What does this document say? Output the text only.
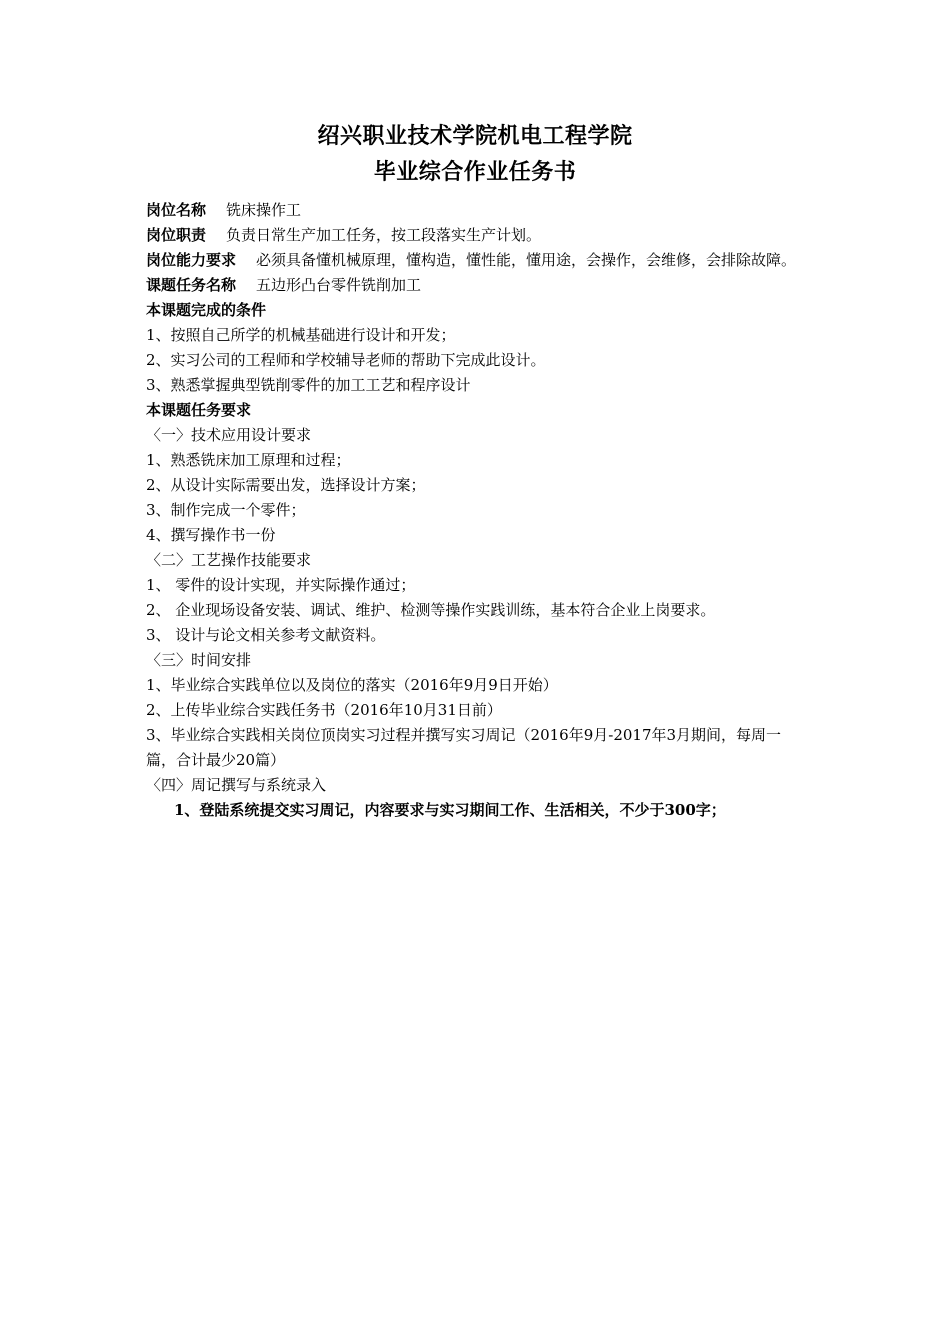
绍兴职业技术学院机电工程学院
毕业综合作业任务书

岗位名称 铣床操作工

岗位职责 负责日常生产加工任务，按工段落实生产计划。

岗位能力要求 必须具备懂机械原理，懂构造，懂性能，懂用途，会操作，会维修，会排除故障。

课题任务名称 五边形凸台零件铣削加工

本课题完成的条件

1、按照自己所学的机械基础进行设计和开发；

2、实习公司的工程师和学校辅导老师的帮助下完成此设计。

3、熟悉掌握典型铣削零件的加工工艺和程序设计

本课题任务要求

〈一〉技术应用设计要求

1、熟悉铣床加工原理和过程；

2、从设计实际需要出发，选择设计方案；

3、制作完成一个零件；

4、撰写操作书一份

〈二〉工艺操作技能要求

1、 零件的设计实现，并实际操作通过；

2、 企业现场设备安装、调试、维护、检测等操作实践训练，基本符合企业上岗要求。

3、 设计与论文相关参考文献资料。

〈三〉时间安排

1、毕业综合实践单位以及岗位的落实（2016年9月9日开始）

2、上传毕业综合实践任务书（2016年10月31日前）

3、毕业综合实践相关岗位顶岗实习过程并撰写实习周记（2016年9月-2017年3月期间，每周一篇，合计最少20篇）

〈四〉周记撰写与系统录入

1、登陆系统提交实习周记，内容要求与实习期间工作、生活相关，不少于300字；
